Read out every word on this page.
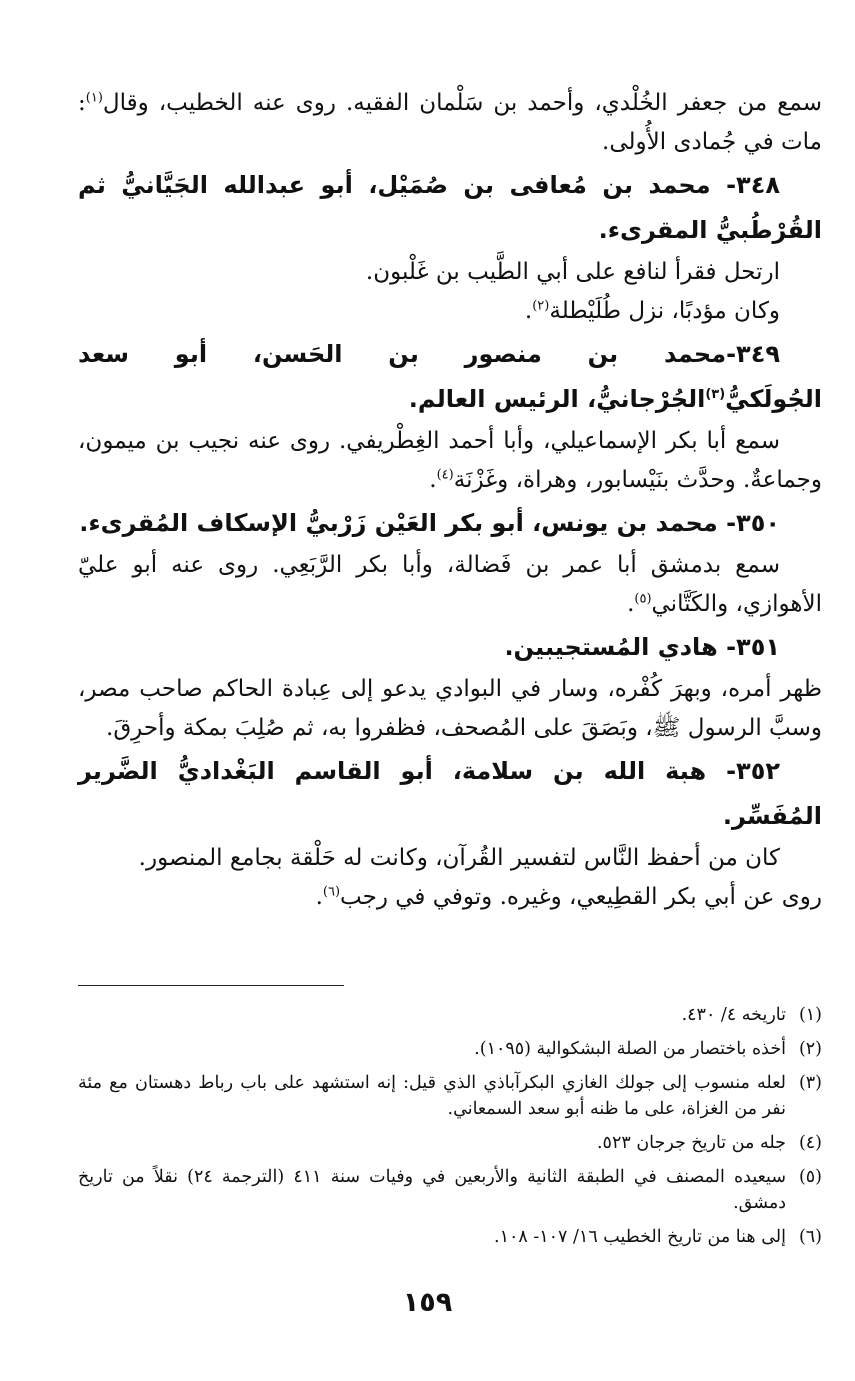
سمع من جعفر الخُلْدي، وأحمد بن سَلْمان الفقيه. روى عنه الخطيب، وقال$^{(١)}$: مات في جُمادى الأُولى.
٣٤٨- محمد بن مُعافى بن صُمَيْل، أبو عبدالله الجَيَّانيُّ ثم القُرْطُبيُّ المقرىء.
ارتحل فقرأ لنافع على أبي الطَّيب بن غَلْبون.
وكان مؤدبًا، نزل طُلَيْطلة$^{(٢)}$.
٣٤٩-محمد بن منصور بن الحَسن، أبو سعد الجُولَكيُّ$^{(٣)}$الجُرْجانيُّ، الرئيس العالم.
سمع أبا بكر الإسماعيلي، وأبا أحمد الغِطْريفي. روى عنه نجيب بن ميمون، وجماعةٌ. وحدَّث بنَيْسابور، وهراة، وغَزْنَة$^{(٤)}$.
٣٥٠- محمد بن يونس، أبو بكر العَيْن زَرْبيُّ الإسكاف المُقرىء.
سمع بدمشق أبا عمر بن فَضالة، وأبا بكر الرَّبَعِي. روى عنه أبو عليّ الأهوازي، والكَتَّاني$^{(٥)}$.
٣٥١- هادي المُستجيبين.
ظهر أمره، وبهرَ كُفْره، وسار في البوادي يدعو إلى عِبادة الحاكم صاحب مصر، وسبَّ الرسول ﷺ، وبَصَقَ على المُصحف، فظفروا به، ثم صُلِبَ بمكة وأحرِقَ.
٣٥٢- هبة الله بن سلامة، أبو القاسم البَغْداديُّ الضَّرير المُفَسِّر.
كان من أحفظ النَّاس لتفسير القُرآن، وكانت له حَلْقة بجامع المنصور.
روى عن أبي بكر القطِيعي، وغيره. وتوفي في رجب$^{(٦)}$.
(١)
تاريخه ٤/ ٤٣٠.
(٢)
أخذه باختصار من الصلة البشكوالية (١٠٩٥).
(٣)
لعله منسوب إلى جولك الغازي البكرآباذي الذي قيل: إنه استشهد على باب رباط دهستان مع مئة نفر من الغزاة، على ما ظنه أبو سعد السمعاني.
(٤)
جله من تاريخ جرجان ٥٢٣.
(٥)
سيعيده المصنف في الطبقة الثانية والأربعين في وفيات سنة ٤١١ (الترجمة ٢٤) نقلاً من تاريخ دمشق.
(٦)
إلى هنا من تاريخ الخطيب ١٦/ ١٠٧- ١٠٨.
١٥٩
